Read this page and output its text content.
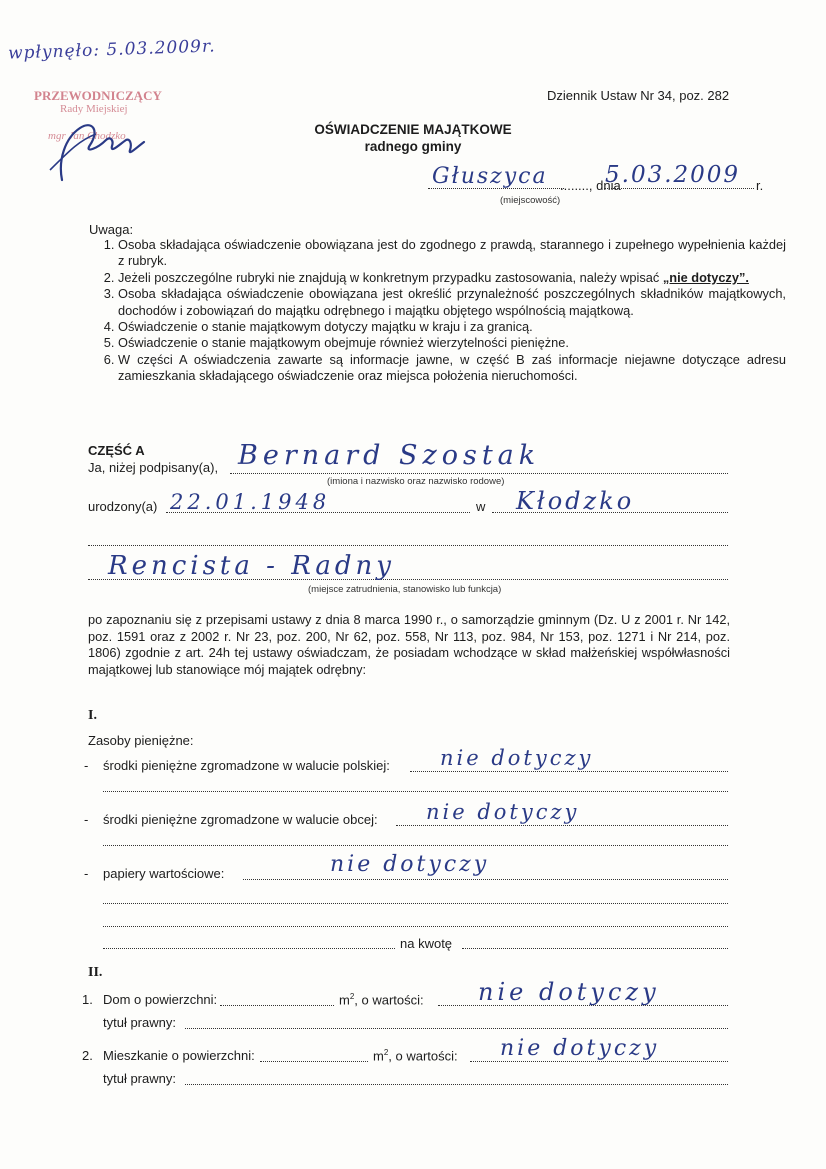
wpłynęło: 5.03.2009r.
PRZEWODNICZĄCY
Rady Miejskiej
mgr Jan Chodzko
Dziennik Ustaw Nr 34, poz. 282
OŚWIADCZENIE MAJĄTKOWE
radnego gminy
Głuszyca ........, dnia
5.03.2009 r.
(miejscowość)
Uwaga:
1. Osoba składająca oświadczenie obowiązana jest do zgodnego z prawdą, starannego i zupełnego wypełnienia każdej z rubryk.
2. Jeżeli poszczególne rubryki nie znajdują w konkretnym przypadku zastosowania, należy wpisać „nie dotyczy”.
3. Osoba składająca oświadczenie obowiązana jest określić przynależność poszczególnych składników majątkowych, dochodów i zobowiązań do majątku odrębnego i majątku objętego wspólnością majątkową.
4. Oświadczenie o stanie majątkowym dotyczy majątku w kraju i za granicą.
5. Oświadczenie o stanie majątkowym obejmuje również wierzytelności pieniężne.
6. W części A oświadczenia zawarte są informacje jawne, w część B zaś informacje niejawne dotyczące adresu zamieszkania składającego oświadczenie oraz miejsca położenia nieruchomości.
CZĘŚĆ A
Ja, niżej podpisany(a), Bernard Szostak
(imiona i nazwisko oraz nazwisko rodowe)
urodzony(a) 22.01.1948	w Kłodzko
Rencista - Radny
(miejsce zatrudnienia, stanowisko lub funkcja)
po zapoznaniu się z przepisami ustawy z dnia 8 marca 1990 r., o samorządzie gminnym (Dz. U z 2001 r. Nr 142, poz. 1591 oraz z 2002 r. Nr 23, poz. 200, Nr 62, poz. 558, Nr 113, poz. 984, Nr 153, poz. 1271 i Nr 214, poz. 1806) zgodnie z art. 24h tej ustawy oświadczam, że posiadam wchodzące w skład małżeńskiej współwłasności majątkowej lub stanowiące mój majątek odrębny:
I.
Zasoby pieniężne:
- środki pieniężne zgromadzone w walucie polskiej: nie dotyczy
- środki pieniężne zgromadzone w walucie obcej: nie dotyczy
- papiery wartościowe:	nie dotyczy
na kwotę
II.
1. Dom o powierzchni:	$m^2$, o wartości: nie dotyczy
tytuł prawny:
2. Mieszkanie o powierzchni:	$m^2$, o wartości: nie dotyczy
tytuł prawny:
